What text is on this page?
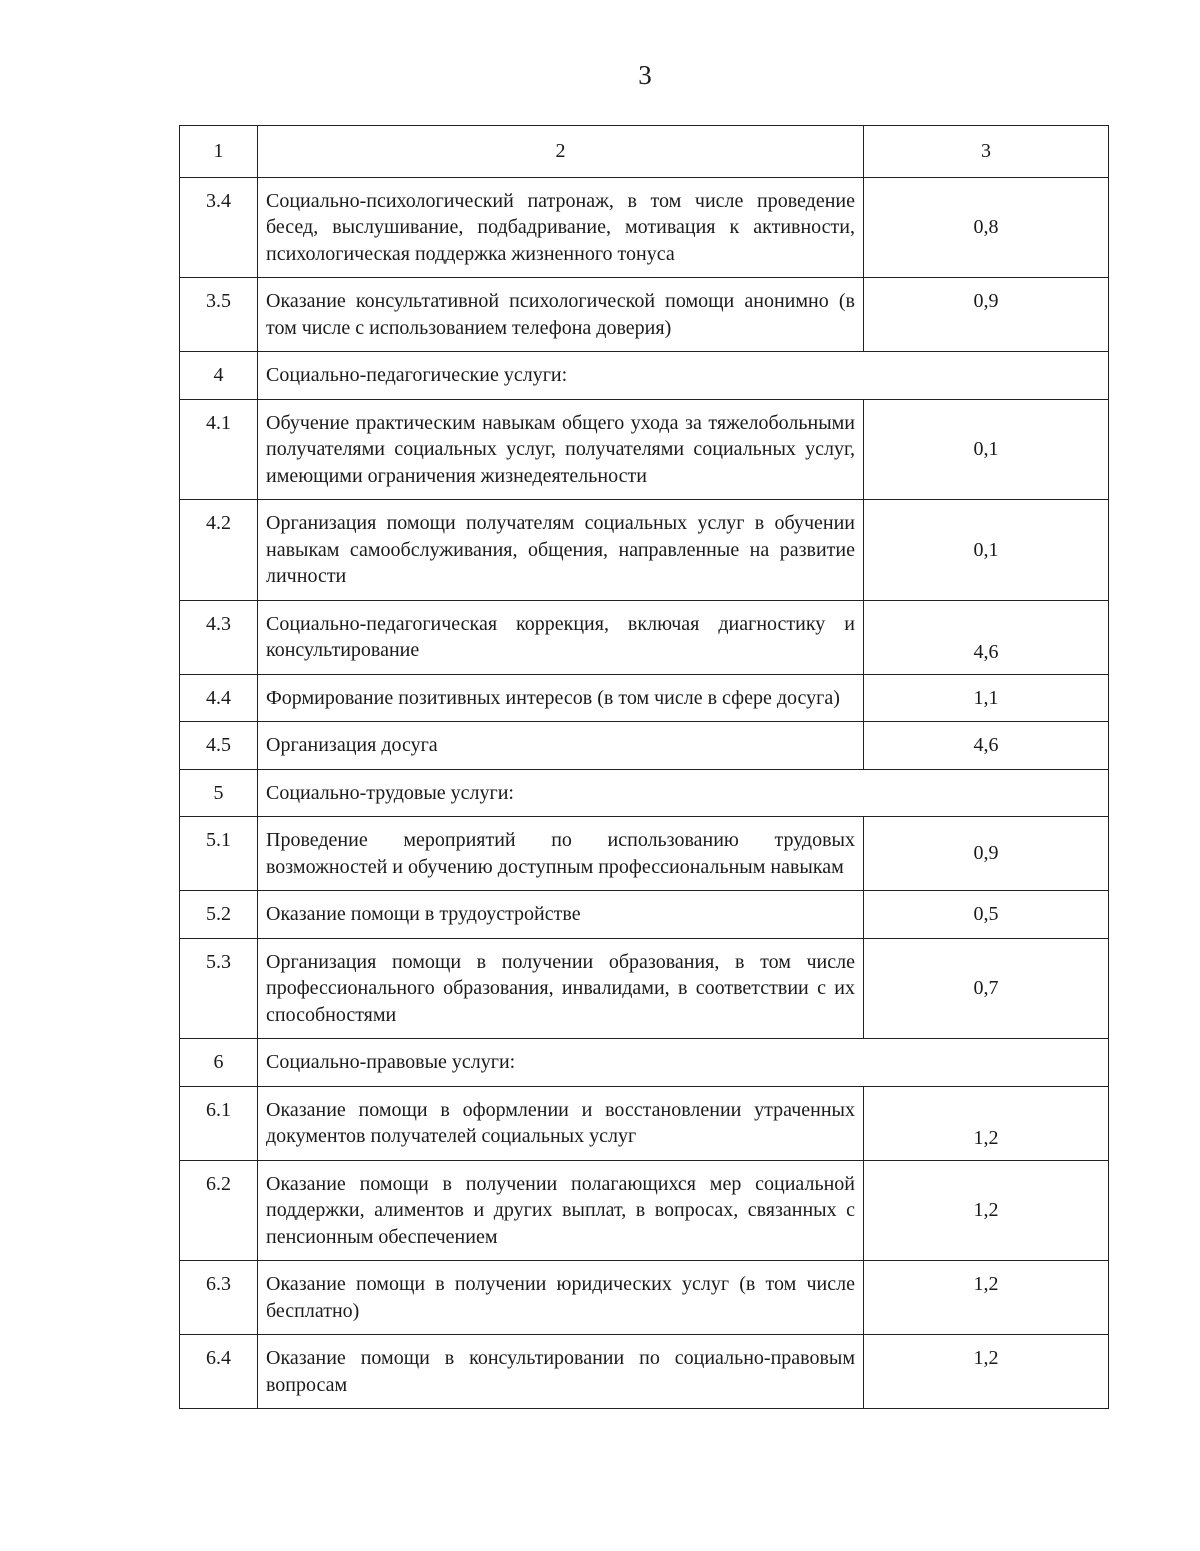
3
1	2	3
3.4	Социально-психологический патронаж, в том числе проведение бесед, выслушивание, подбадривание, мотивация к активности, психологическая поддержка жизненного тонуса	0,8
3.5	Оказание консультативной психологической помощи анонимно (в том числе с использованием телефона доверия)	0,9
4	Социально-педагогические услуги:	
4.1	Обучение практическим навыкам общего ухода за тяжелобольными получателями социальных услуг, получателями социальных услуг, имеющими ограничения жизнедеятельности	0,1
4.2	Организация помощи получателям социальных услуг в обучении навыкам самообслуживания, общения, направленные на развитие личности	0,1
4.3	Социально-педагогическая коррекция, включая диагностику и консультирование	4,6
4.4	Формирование позитивных интересов (в том числе в сфере досуга)	1,1
4.5	Организация досуга	4,6
5	Социально-трудовые услуги:	
5.1	Проведение мероприятий по использованию трудовых возможностей и обучению доступным профессиональным навыкам	0,9
5.2	Оказание помощи в трудоустройстве	0,5
5.3	Организация помощи в получении образования, в том числе профессионального образования, инвалидами, в соответствии с их способностями	0,7
6	Социально-правовые услуги:	
6.1	Оказание помощи в оформлении и восстановлении утраченных документов получателей социальных услуг	1,2
6.2	Оказание помощи в получении полагающихся мер социальной поддержки, алиментов и других выплат, в вопросах, связанных с пенсионным обеспечением	1,2
6.3	Оказание помощи в получении юридических услуг (в том числе бесплатно)	1,2
6.4	Оказание помощи в консультировании по социально-правовым вопросам	1,2
